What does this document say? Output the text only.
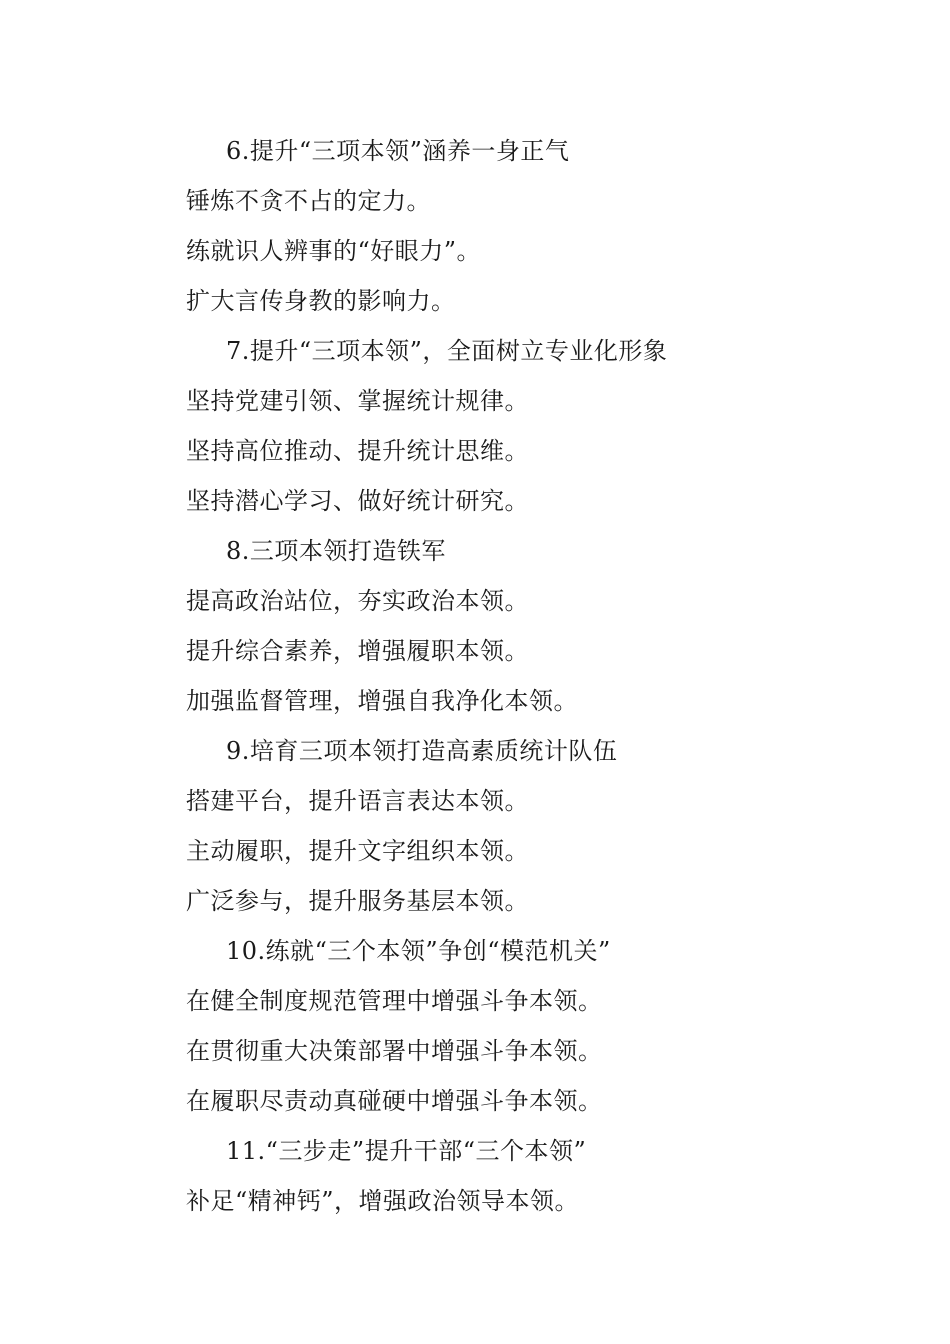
6.提升“三项本领”涵养一身正气
锤炼不贪不占的定力。
练就识人辨事的“好眼力”。
扩大言传身教的影响力。
7.提升“三项本领”，全面树立专业化形象
坚持党建引领、掌握统计规律。
坚持高位推动、提升统计思维。
坚持潜心学习、做好统计研究。
8.三项本领打造铁军
提高政治站位，夯实政治本领。
提升综合素养，增强履职本领。
加强监督管理，增强自我净化本领。
9.培育三项本领打造高素质统计队伍
搭建平台，提升语言表达本领。
主动履职，提升文字组织本领。
广泛参与，提升服务基层本领。
10.练就“三个本领”争创“模范机关”
在健全制度规范管理中增强斗争本领。
在贯彻重大决策部署中增强斗争本领。
在履职尽责动真碰硬中增强斗争本领。
11.“三步走”提升干部“三个本领”
补足“精神钙”，增强政治领导本领。
